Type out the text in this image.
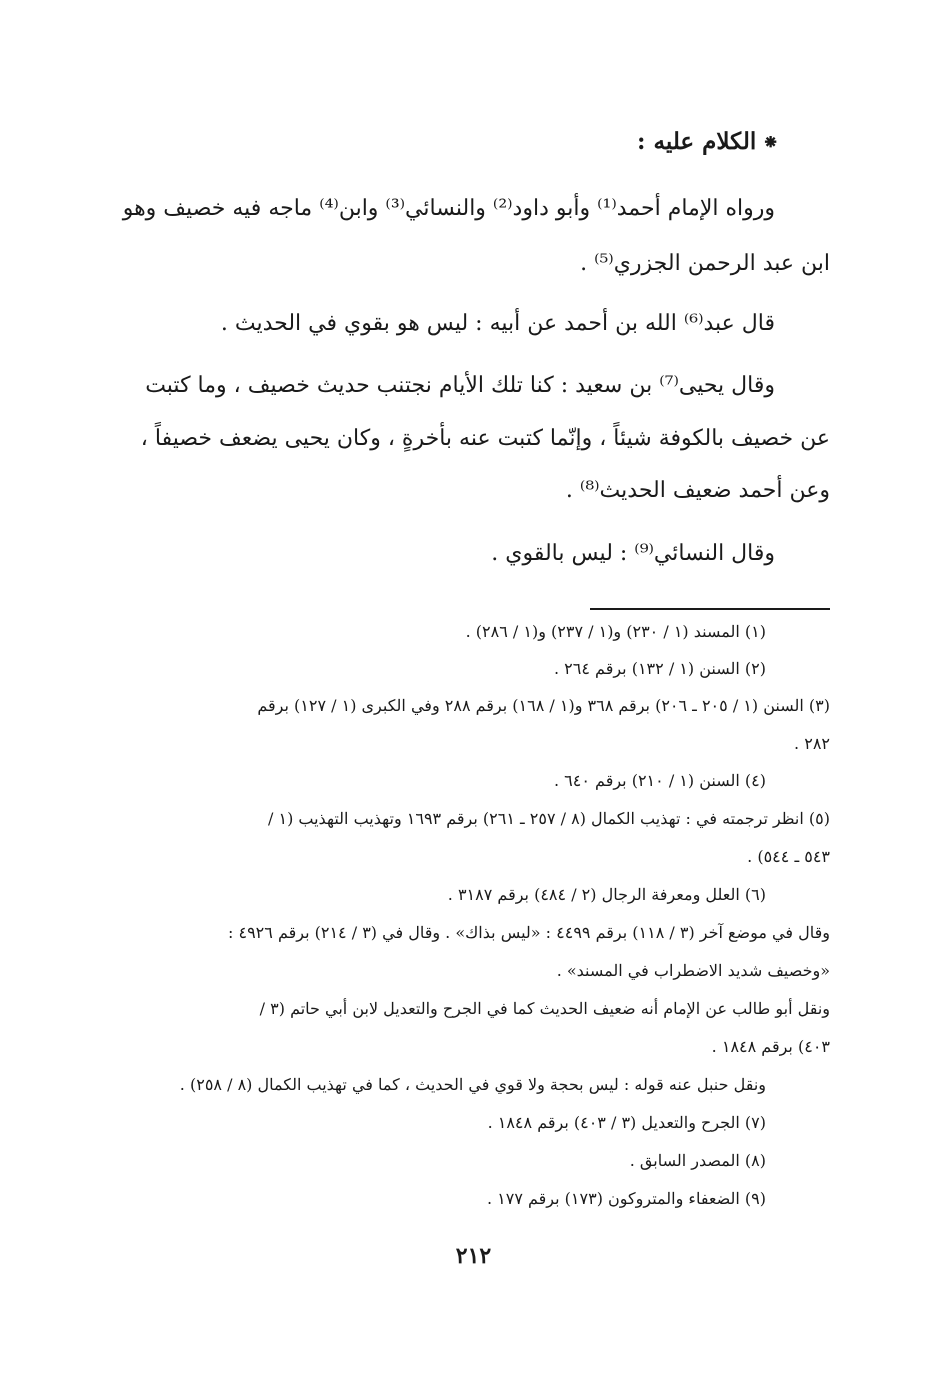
⁕الكلام عليه :
ورواه الإمام أحمد⁽¹⁾ وأبو داود⁽²⁾ والنسائي⁽³⁾ وابن⁽⁴⁾ ماجه فيه خصيف وهو
ابن عبد الرحمن الجزري⁽⁵⁾ .
قال عبد⁽⁶⁾ الله بن أحمد عن أبيه : ليس هو بقوي في الحديث .
وقال يحيى⁽⁷⁾ بن سعيد : كنا تلك الأيام نجتنب حديث خصيف ، وما كتبت
عن خصيف بالكوفة شيئاً ، وإنّما كتبت عنه بأخرةٍ ، وكان يحيى يضعف خصيفاً ،
وعن أحمد ضعيف الحديث⁽⁸⁾ .
وقال النسائي⁽⁹⁾ : ليس بالقوي .
(١) المسند (١ / ٢٣٠) و(١ / ٢٣٧) و(١ / ٢٨٦) .
(٢) السنن (١ / ١٣٢) برقم ٢٦٤ .
(٣) السنن (١ / ٢٠٥ ـ ٢٠٦) برقم ٣٦٨ و(١ / ١٦٨) برقم ٢٨٨ وفي الكبرى (١ / ١٢٧) برقم
٢٨٢ .
(٤) السنن (١ / ٢١٠) برقم ٦٤٠ .
(٥) انظر ترجمته في : تهذيب الكمال (٨ / ٢٥٧ ـ ٢٦١) برقم ١٦٩٣ وتهذيب التهذيب (١ /
٥٤٣ ـ ٥٤٤) .
(٦) العلل ومعرفة الرجال (٢ / ٤٨٤) برقم ٣١٨٧ .
وقال في موضع آخر (٣ / ١١٨) برقم ٤٤٩٩ : «ليس بذاك» . وقال في (٣ / ٢١٤) برقم ٤٩٢٦ :
«وخصيف شديد الاضطراب في المسند» .
ونقل أبو طالب عن الإمام أنه ضعيف الحديث كما في الجرح والتعديل لابن أبي حاتم (٣ /
٤٠٣) برقم ١٨٤٨ .
ونقل حنبل عنه قوله : ليس بحجة ولا قوي في الحديث ، كما في تهذيب الكمال (٨ / ٢٥٨) .
(٧) الجرح والتعديل (٣ / ٤٠٣) برقم ١٨٤٨ .
(٨) المصدر السابق .
(٩) الضعفاء والمتروكون (١٧٣) برقم ١٧٧ .
٢١٢
